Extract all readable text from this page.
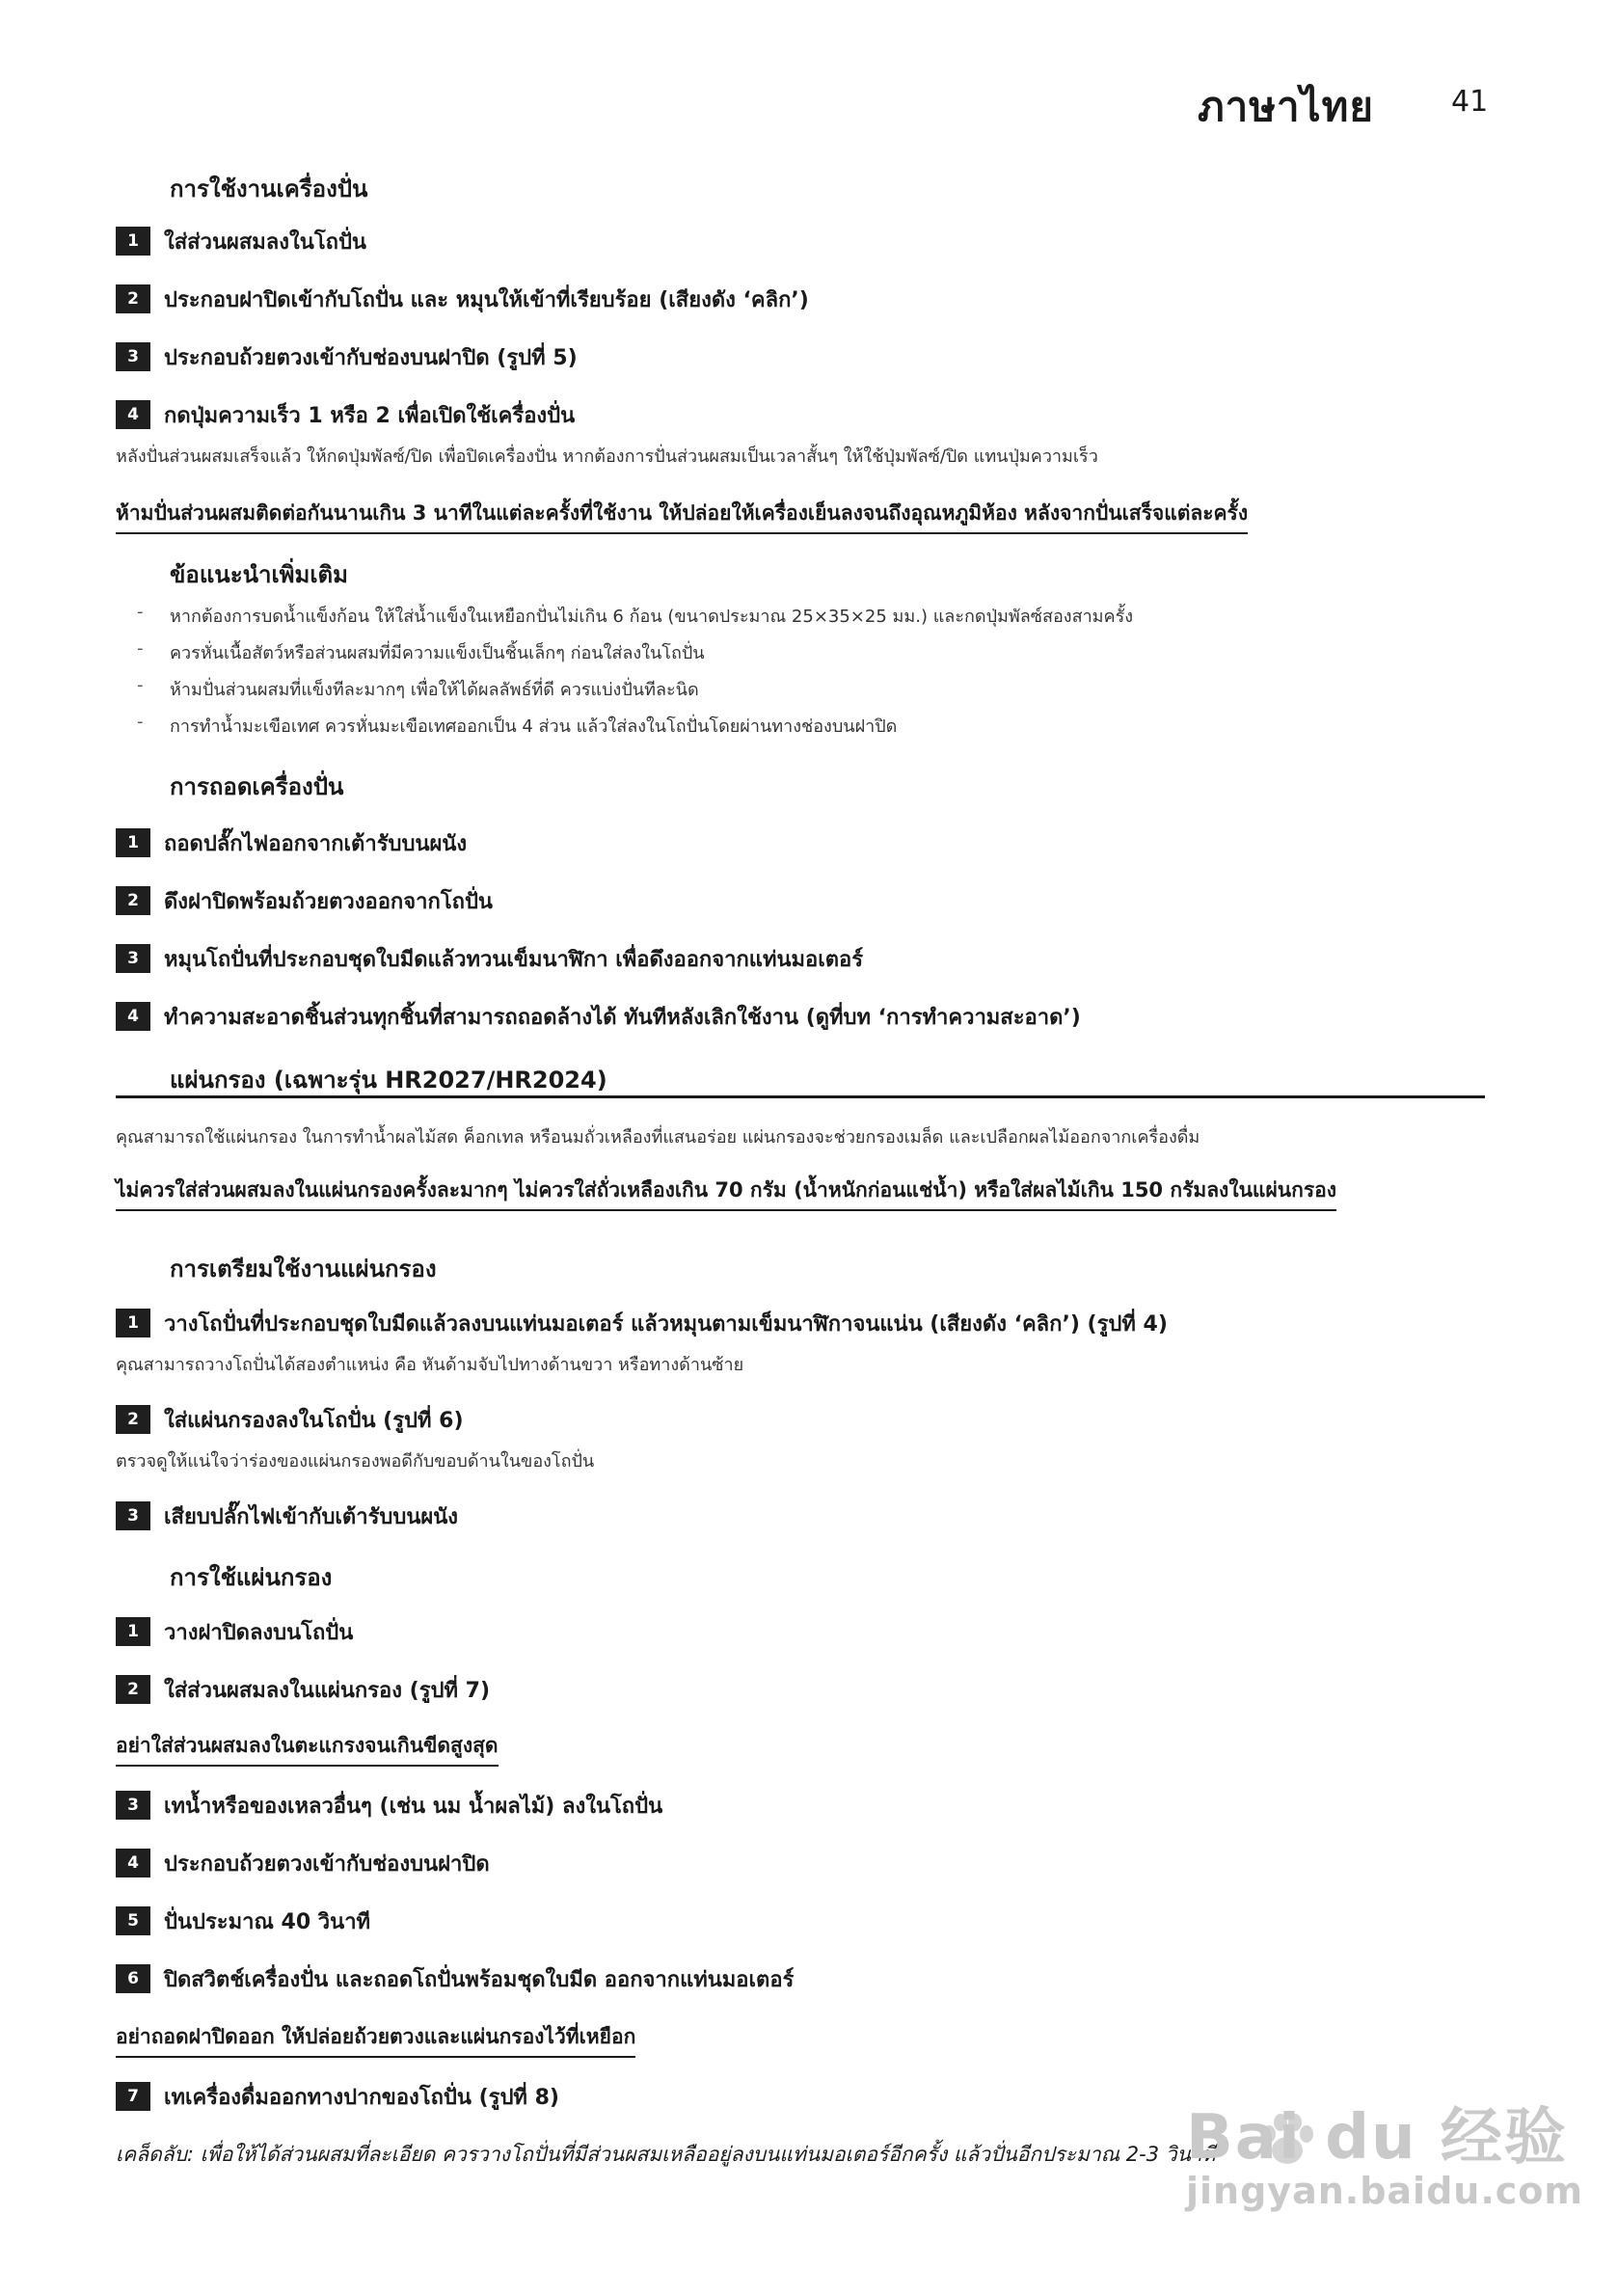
ภาษาไทย	41
การใช้งานเครื่องปั่น
1	ใส่ส่วนผสมลงในโถปั่น
2	ประกอบฝาปิดเข้ากับโถปั่น และ หมุนให้เข้าที่เรียบร้อย (เสียงดัง ‘คลิก’)
3	ประกอบถ้วยตวงเข้ากับช่องบนฝาปิด (รูปที่ 5)
4	กดปุ่มความเร็ว 1 หรือ 2 เพื่อเปิดใช้เครื่องปั่น
หลังปั่นส่วนผสมเสร็จแล้ว ให้กดปุ่มพัลซ์/ปิด เพื่อปิดเครื่องปั่น หากต้องการปั่นส่วนผสมเป็นเวลาสั้นๆ ให้ใช้ปุ่มพัลซ์/ปิด แทนปุ่มความเร็ว
ห้ามปั่นส่วนผสมติดต่อกันนานเกิน 3 นาทีในแต่ละครั้งที่ใช้งาน ให้ปล่อยให้เครื่องเย็นลงจนถึงอุณหภูมิห้อง หลังจากปั่นเสร็จแต่ละครั้ง
ข้อแนะนำเพิ่มเติม
- หากต้องการบดน้ำแข็งก้อน ให้ใส่น้ำแข็งในเหยือกปั่นไม่เกิน 6 ก้อน (ขนาดประมาณ 25×35×25 มม.) และกดปุ่มพัลซ์สองสามครั้ง
- ควรหั่นเนื้อสัตว์หรือส่วนผสมที่มีความแข็งเป็นชิ้นเล็กๆ ก่อนใส่ลงในโถปั่น
- ห้ามปั่นส่วนผสมที่แข็งทีละมากๆ เพื่อให้ได้ผลลัพธ์ที่ดี ควรแบ่งปั่นทีละนิด
- การทำน้ำมะเขือเทศ ควรหั่นมะเขือเทศออกเป็น 4 ส่วน แล้วใส่ลงในโถปั่นโดยผ่านทางช่องบนฝาปิด
การถอดเครื่องปั่น
1	ถอดปลั๊กไฟออกจากเต้ารับบนผนัง
2	ดึงฝาปิดพร้อมถ้วยตวงออกจากโถปั่น
3	หมุนโถปั่นที่ประกอบชุดใบมีดแล้วทวนเข็มนาฬิกา เพื่อดึงออกจากแท่นมอเตอร์
4	ทำความสะอาดชิ้นส่วนทุกชิ้นที่สามารถถอดล้างได้ ทันทีหลังเลิกใช้งาน (ดูที่บท ‘การทำความสะอาด’)
แผ่นกรอง (เฉพาะรุ่น HR2027/HR2024)
คุณสามารถใช้แผ่นกรอง ในการทำน้ำผลไม้สด ค็อกเทล หรือนมถั่วเหลืองที่แสนอร่อย แผ่นกรองจะช่วยกรองเมล็ด และเปลือกผลไม้ออกจากเครื่องดื่ม
ไม่ควรใส่ส่วนผสมลงในแผ่นกรองครั้งละมากๆ ไม่ควรใส่ถั่วเหลืองเกิน 70 กรัม (น้ำหนักก่อนแช่น้ำ) หรือใส่ผลไม้เกิน 150 กรัมลงในแผ่นกรอง
การเตรียมใช้งานแผ่นกรอง
1	วางโถปั่นที่ประกอบชุดใบมีดแล้วลงบนแท่นมอเตอร์ แล้วหมุนตามเข็มนาฬิกาจนแน่น (เสียงดัง ‘คลิก’) (รูปที่ 4)
คุณสามารถวางโถปั่นได้สองตำแหน่ง คือ หันด้ามจับไปทางด้านขวา หรือทางด้านซ้าย
2	ใส่แผ่นกรองลงในโถปั่น (รูปที่ 6)
ตรวจดูให้แน่ใจว่าร่องของแผ่นกรองพอดีกับขอบด้านในของโถปั่น
3	เสียบปลั๊กไฟเข้ากับเต้ารับบนผนัง
การใช้แผ่นกรอง
1	วางฝาปิดลงบนโถปั่น
2	ใส่ส่วนผสมลงในแผ่นกรอง (รูปที่ 7)
อย่าใส่ส่วนผสมลงในตะแกรงจนเกินขีดสูงสุด
3	เทน้ำหรือของเหลวอื่นๆ (เช่น นม น้ำผลไม้) ลงในโถปั่น
4	ประกอบถ้วยตวงเข้ากับช่องบนฝาปิด
5	ปั่นประมาณ 40 วินาที
6	ปิดสวิตช์เครื่องปั่น และถอดโถปั่นพร้อมชุดใบมีด ออกจากแท่นมอเตอร์
อย่าถอดฝาปิดออก ให้ปล่อยถ้วยตวงและแผ่นกรองไว้ที่เหยือก
7	เทเครื่องดื่มออกทางปากของโถปั่น (รูปที่ 8)
เคล็ดลับ: เพื่อให้ได้ส่วนผสมที่ละเอียด ควรวางโถปั่นที่มีส่วนผสมเหลืออยู่ลงบนแท่นมอเตอร์อีกครั้ง แล้วปั่นอีกประมาณ 2-3 วินาที
Bai du 经验
jingyan.baidu.com
